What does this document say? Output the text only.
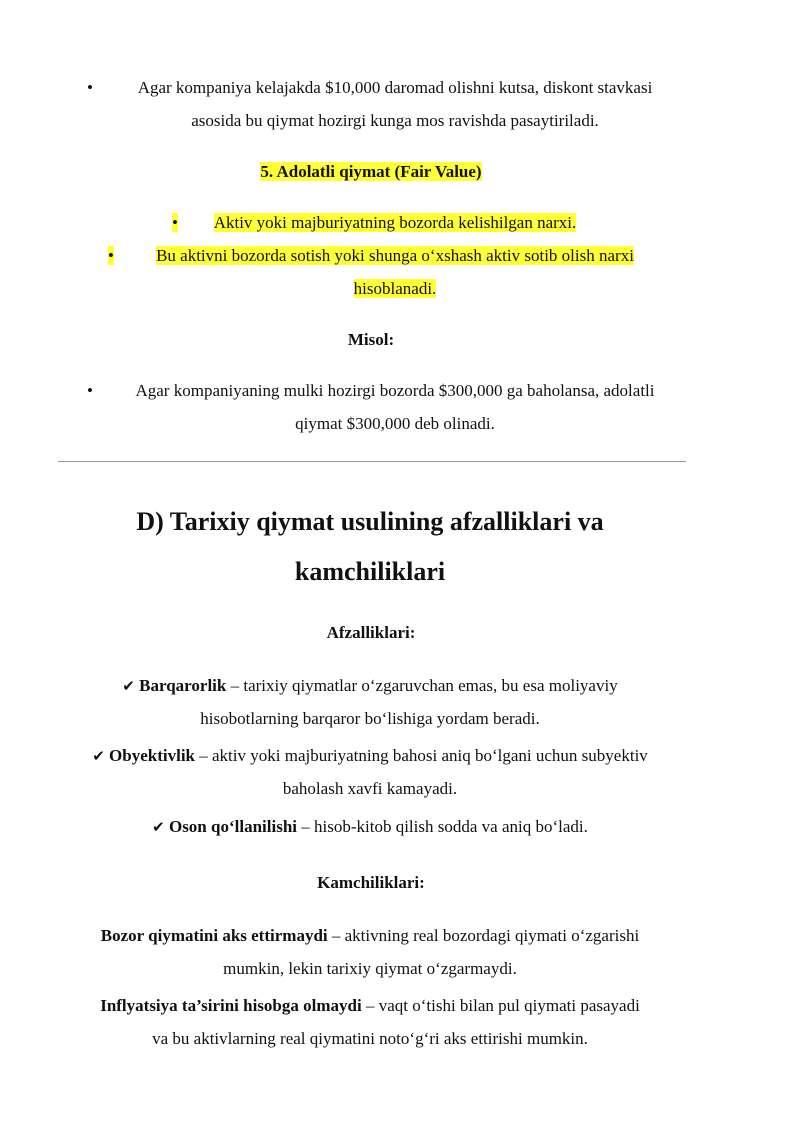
•	Agar kompaniya kelajakda $10,000 daromad olishni kutsa, diskont stavkasi
asosida bu qiymat hozirgi kunga mos ravishda pasaytiriladi.
5. Adolatli qiymat (Fair Value)
•	Aktiv yoki majburiyatning bozorda kelishilgan narxi.
•	Bu aktivni bozorda sotish yoki shunga o‘xshash aktiv sotib olish narxi
hisoblanadi.
Misol:
•	Agar kompaniyaning mulki hozirgi bozorda $300,000 ga baholansa, adolatli
qiymat $300,000 deb olinadi.
D) Tarixiy qiymat usulining afzalliklari va
kamchiliklari
Afzalliklari:
✔ Barqarorlik – tarixiy qiymatlar o‘zgaruvchan emas, bu esa moliyaviy
hisobotlarning barqaror bo‘lishiga yordam beradi.
✔ Obyektivlik – aktiv yoki majburiyatning bahosi aniq bo‘lgani uchun subyektiv
baholash xavfi kamayadi.
✔ Oson qo‘llanilishi – hisob-kitob qilish sodda va aniq bo‘ladi.
Kamchiliklari:
Bozor qiymatini aks ettirmaydi – aktivning real bozordagi qiymati o‘zgarishi
mumkin, lekin tarixiy qiymat o‘zgarmaydi.
Inflyatsiya ta’sirini hisobga olmaydi – vaqt o‘tishi bilan pul qiymati pasayadi
va bu aktivlarning real qiymatini noto‘g‘ri aks ettirishi mumkin.
